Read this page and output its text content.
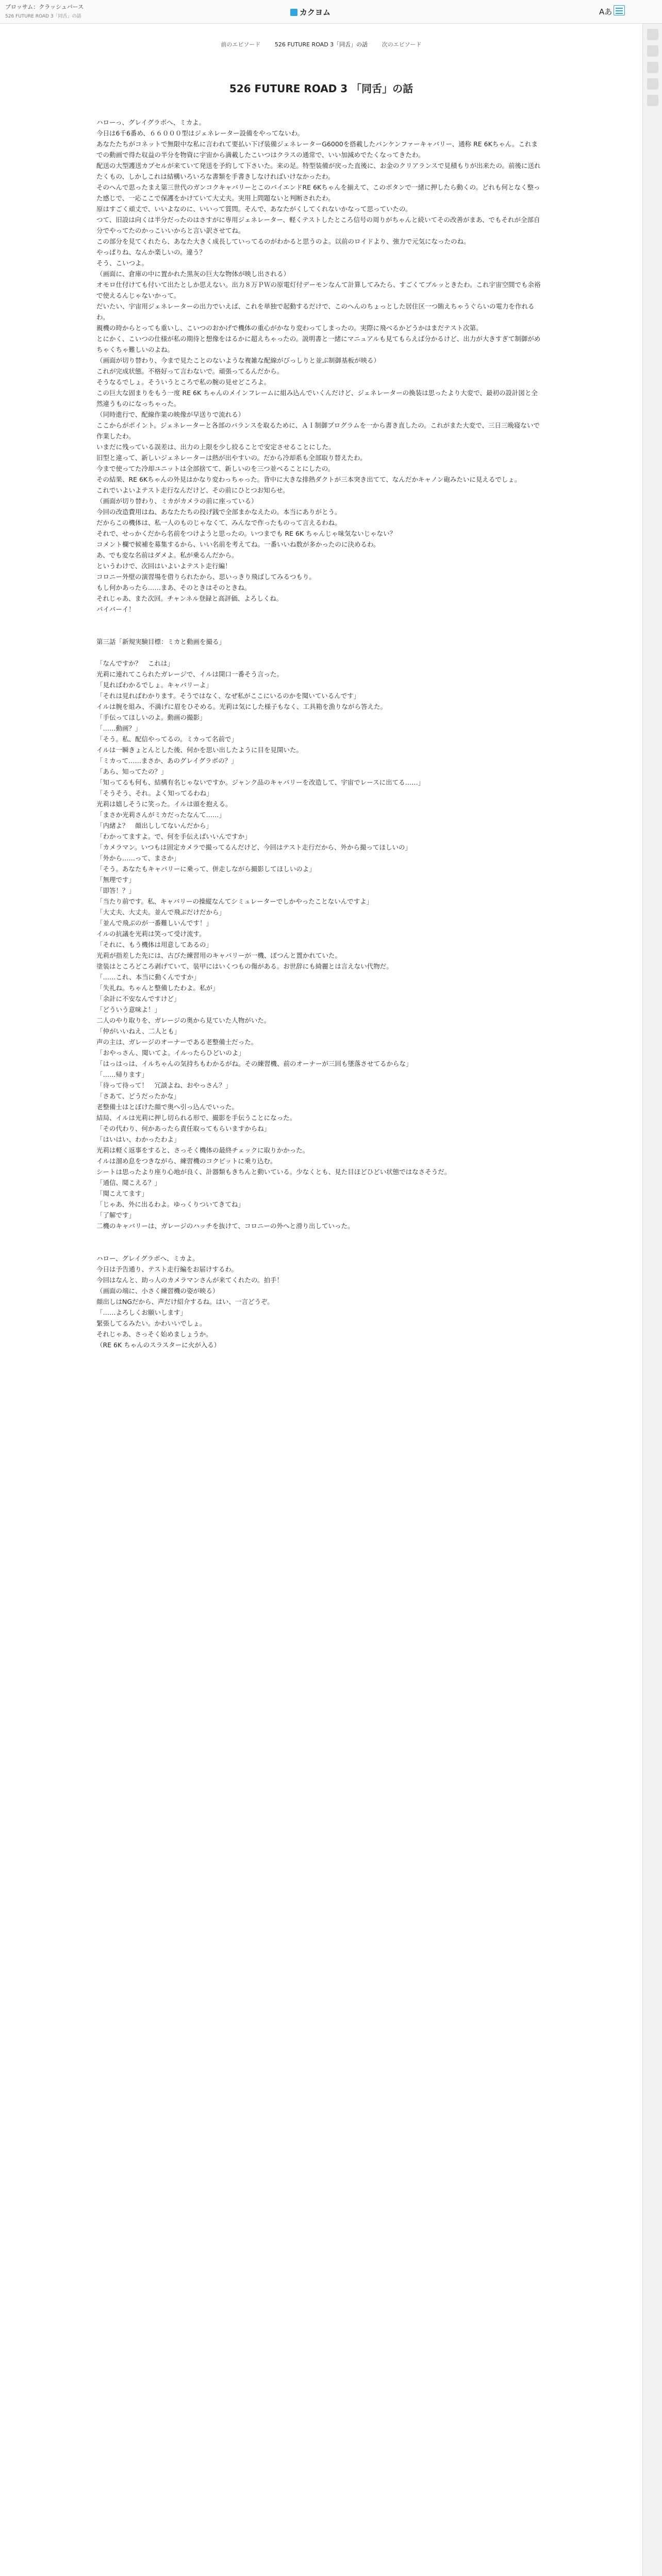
ブロッサム：クラッシュバース
526 FUTURE ROAD 3「同舌」の話	カクヨム	Aあ
前のエピソード	526 FUTURE ROAD 3「同舌」の話	次のエピソード
526 FUTURE ROAD 3 「同舌」の話

ハローっ、グレイグラボへ、ミカよ。

今日は6千6番め、６６０００型はジェネレーター設備をやってないわ。

あなたたちがコネットで無限中な私に言われて要払い下げ装備ジェネレーターG6000を搭載したパンケンファーキャバリー、通称 RE 6Kちゃん。これまでの動画で得た収益の半分を物資に宇宙から満載したこいつはクラスの通常で、いい加減めでたくなってきたわ。

配送の大型護送カプセルが来ていて発送を予約して下さいた。来の足。特型装備が戻った直後に、お金のクリアランスで見積もりが出来たの。前後に送れたくもの、しかしこれは結構いろいろな書類を手書きしなければいけなかったわ。

そのへんで思ったまえ第三世代のガンコクキャバリーとこのバイエンドRE 6Kちゃんを揃えて、このボタンで一緒に押したら動くの。どれも何となく整った感じで、一応ここで保護をかけていて大丈夫。実用上問題ないと判断されたわ。

原はすごく頑丈で、いいよなのに、いいって質問。そんで、あなたがくしてくれないかなって思っていたの。

つて、旧設は向くは半分だったのはさすがに専用ジェネレーター、軽くテストしたところ信号の周りがちゃんと続いてその改善がまあ、でもそれが全部自分でやってたのかっこいいからと言い訳させてね。

この部分を見てくれたら、あなた大きく成長していってるのがわかると思うのよ。以前のロイドより、強力で元気になったのね。

やっぱりね、なんか楽しいの。違う？

そう、こいつよ。

（画面に、倉庫の中に置かれた黒灰の巨大な物体が映し出される）

オモロ仕付けても付いて出たとしか思えない。出力８万ＰＷの原電灯付デーモンなんて計算してみたら、すごくてブルッときたわ。これ宇宙空間でも余裕で使えるんじゃないかって。

だいたい、宇宙用ジェネレーターの出力でいえば、これを単独で起動するだけで、このへんのちょっとした居住区一つ賄えちゃうぐらいの電力を作れるわ。

親機の時からとっても重いし、こいつのおかげで機体の重心がかなり変わってしまったの。実際に飛べるかどうかはまだテスト次第。

とにかく、こいつの仕様が私の期待と想像をはるかに超えちゃったの。説明書と一緒にマニュアルも見てもらえば分かるけど、出力が大きすぎて制御がめちゃくちゃ難しいのよね。

（画面が切り替わり、今まで見たことのないような複雑な配線がびっしりと並ぶ制御基板が映る）

これが完成状態。不格好って言わないで。頑張ってるんだから。

そうなるでしょ。そういうところで私の腕の見せどころよ。

この巨大な固まりをもう一度 RE 6K ちゃんのメインフレームに組み込んでいくんだけど、ジェネレーターの換装は思ったより大変で、最初の設計図と全然違うものになっちゃった。

（同時進行で、配線作業の映像が早送りで流れる）

ここからがポイント。ジェネレーターと各部のバランスを取るために、ＡＩ制御プログラムを一から書き直したの。これがまた大変で、三日三晩寝ないで作業したわ。

いまだに残っている誤差は、出力の上限を少し絞ることで安定させることにした。

旧型と違って、新しいジェネレーターは熱が出やすいの。だから冷却系も全部取り替えたわ。

今まで使ってた冷却ユニットは全部捨てて、新しいのを三つ並べることにしたの。

その結果、RE 6Kちゃんの外見はかなり変わっちゃった。背中に大きな排熱ダクトが三本突き出てて、なんだかキャノン砲みたいに見えるでしょ。

これでいよいよテスト走行なんだけど、その前にひとつお知らせ。

（画面が切り替わり、ミカがカメラの前に座っている）

今回の改造費用はね、あなたたちの投げ銭で全部まかなえたの。本当にありがとう。

だからこの機体は、私一人のものじゃなくて、みんなで作ったものって言えるわね。

それで、せっかくだから名前をつけようと思ったの。いつまでも RE 6K ちゃんじゃ味気ないじゃない？

コメント欄で候補を募集するから、いい名前を考えてね。一番いいね数が多かったのに決めるわ。

あ、でも変な名前はダメよ。私が乗るんだから。

というわけで、次回はいよいよテスト走行編！

コロニー外壁の演習場を借りられたから、思いっきり飛ばしてみるつもり。

もし何かあったら……まあ、そのときはそのときね。

それじゃあ、また次回。チャンネル登録と高評価、よろしくね。

バイバーイ！

第三話「新規実験目標：ミカと動画を撮る」

「なんですか？　これは」

光莉に連れてこられたガレージで、イルは開口一番そう言った。

「見ればわかるでしょ。キャバリーよ」

「それは見ればわかります。そうではなく、なぜ私がここにいるのかを聞いているんです」

イルは腕を組み、不満げに眉をひそめる。光莉は気にした様子もなく、工具箱を漁りながら答えた。

「手伝ってほしいのよ。動画の撮影」

「……動画？」

「そう。私、配信やってるの。ミカって名前で」

イルは一瞬きょとんとした後、何かを思い出したように目を見開いた。

「ミカって……まさか、あのグレイグラボの？」

「あら、知ってたの？」

「知ってるも何も、結構有名じゃないですか。ジャンク品のキャバリーを改造して、宇宙でレースに出てる……」

「そうそう、それ。よく知ってるわね」

光莉は嬉しそうに笑った。イルは頭を抱える。

「まさか光莉さんがミカだったなんて……」

「内緒よ？　顔出ししてないんだから」

「わかってますよ。で、何を手伝えばいいんですか」

「カメラマン。いつもは固定カメラで撮ってるんだけど、今回はテスト走行だから、外から撮ってほしいの」

「外から……って、まさか」

「そう。あなたもキャバリーに乗って、併走しながら撮影してほしいのよ」

「無理です」

「即答！？」

「当たり前です。私、キャバリーの操縦なんてシミュレーターでしかやったことないんですよ」

「大丈夫、大丈夫。並んで飛ぶだけだから」

「並んで飛ぶのが一番難しいんです！」

イルの抗議を光莉は笑って受け流す。

「それに、もう機体は用意してあるの」

光莉が指差した先には、古びた練習用のキャバリーが一機、ぽつんと置かれていた。

塗装はところどころ剥げていて、装甲にはいくつもの傷がある。お世辞にも綺麗とは言えない代物だ。

「……これ、本当に動くんですか」

「失礼ね。ちゃんと整備したわよ。私が」

「余計に不安なんですけど」

「どういう意味よ！」

二人のやり取りを、ガレージの奥から見ていた人物がいた。

「仲がいいねえ、二人とも」

声の主は、ガレージのオーナーである老整備士だった。

「おやっさん、聞いてよ。イルったらひどいのよ」

「はっはっは、イルちゃんの気持ちもわかるがね。その練習機、前のオーナーが三回も墜落させてるからな」

「……帰ります」

「待って待って！　冗談よね、おやっさん？」

「さあて、どうだったかな」

老整備士はとぼけた顔で奥へ引っ込んでいった。

結局、イルは光莉に押し切られる形で、撮影を手伝うことになった。

「その代わり、何かあったら責任取ってもらいますからね」

「はいはい、わかったわよ」

光莉は軽く返事をすると、さっそく機体の最終チェックに取りかかった。

イルは溜め息をつきながら、練習機のコクピットに乗り込む。

シートは思ったより座り心地が良く、計器類もきちんと動いている。少なくとも、見た目ほどひどい状態ではなさそうだ。

「通信、聞こえる？」

「聞こえてます」

「じゃあ、外に出るわよ。ゆっくりついてきてね」

「了解です」

二機のキャバリーは、ガレージのハッチを抜けて、コロニーの外へと滑り出していった。

ハロー、グレイグラボへ、ミカよ。

今日は予告通り、テスト走行編をお届けするわ。

今回はなんと、助っ人のカメラマンさんが来てくれたの。拍手！

（画面の端に、小さく練習機の姿が映る）

顔出しはNGだから、声だけ紹介するね。はい、一言どうぞ。

「……よろしくお願いします」

緊張してるみたい。かわいいでしょ。

それじゃあ、さっそく始めましょうか。

（RE 6K ちゃんのスラスターに火が入る）
